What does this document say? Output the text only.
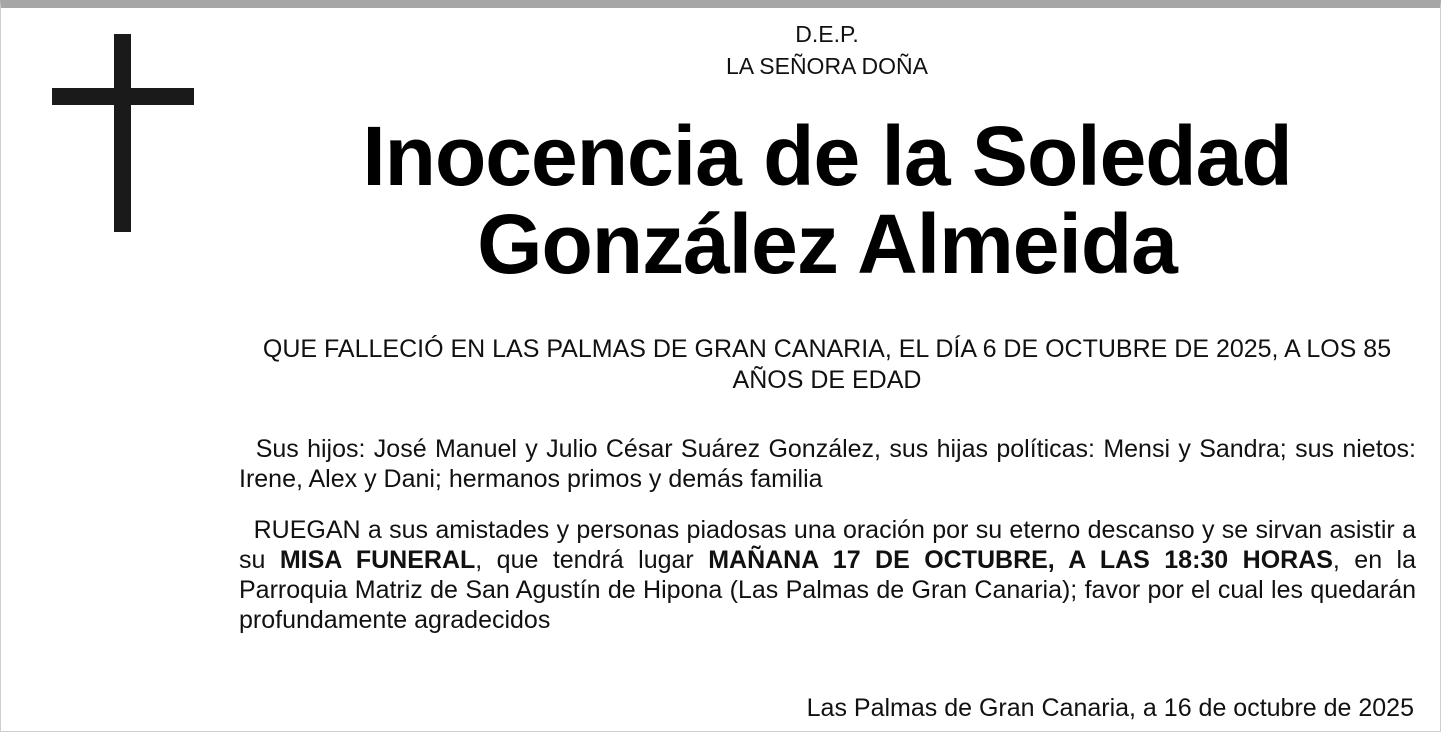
D.E.P.
LA SEÑORA DOÑA
Inocencia de la Soledad
González Almeida
QUE FALLECIÓ EN LAS PALMAS DE GRAN CANARIA, EL DÍA 6 DE OCTUBRE DE 2025, A LOS 85 AÑOS DE EDAD

Sus hijos: José Manuel y Julio César Suárez González, sus hijas políticas: Mensi y Sandra; sus nietos: Irene, Alex y Dani; hermanos primos y demás familia

RUEGAN a sus amistades y personas piadosas una oración por su eterno descanso y se sirvan asistir a su MISA FUNERAL, que tendrá lugar MAÑANA 17 DE OCTUBRE, A LAS 18:30 HORAS, en la Parroquia Matriz de San Agustín de Hipona (Las Palmas de Gran Canaria); favor por el cual les quedarán profundamente agradecidos

Las Palmas de Gran Canaria, a 16 de octubre de 2025
